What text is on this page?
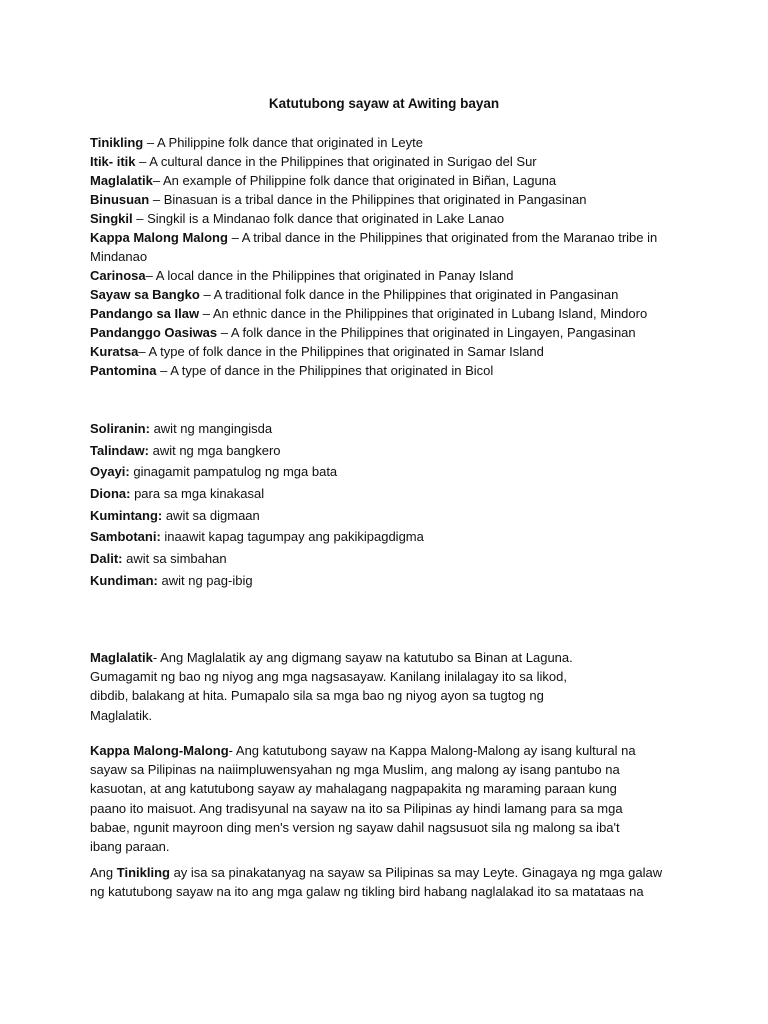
Katutubong sayaw at Awiting bayan
Tinikling – A Philippine folk dance that originated in Leyte
Itik- itik – A cultural dance in the Philippines that originated in Surigao del Sur
Maglalatik– An example of Philippine folk dance that originated in Biñan, Laguna
Binusuan – Binasuan is a tribal dance in the Philippines that originated in Pangasinan
Singkil – Singkil is a Mindanao folk dance that originated in Lake Lanao
Kappa Malong Malong – A tribal dance in the Philippines that originated from the Maranao tribe in Mindanao
Carinosa– A local dance in the Philippines that originated in Panay Island
Sayaw sa Bangko – A traditional folk dance in the Philippines that originated in Pangasinan
Pandango sa Ilaw – An ethnic dance in the Philippines that originated in Lubang Island, Mindoro
Pandanggo Oasiwas – A folk dance in the Philippines that originated in Lingayen, Pangasinan
Kuratsa– A type of folk dance in the Philippines that originated in Samar Island
Pantomina – A type of dance in the Philippines that originated in Bicol
Soliranin: awit ng mangingisda
Talindaw: awit ng mga bangkero
Oyayi: ginagamit pampatulog ng mga bata
Diona: para sa mga kinakasal
Kumintang: awit sa digmaan
Sambotani: inaawit kapag tagumpay ang pakikipagdigma
Dalit: awit sa simbahan
Kundiman: awit ng pag-ibig
Maglalatik- Ang Maglalatik ay ang digmang sayaw na katutubo sa Binan at Laguna.
Gumagamit ng bao ng niyog ang mga nagsasayaw. Kanilang inilalagay ito sa likod,
dibdib, balakang at hita. Pumapalo sila sa mga bao ng niyog ayon sa tugtog ng
Maglalatik.
Kappa Malong-Malong- Ang katutubong sayaw na Kappa Malong-Malong ay isang kultural na
sayaw sa Pilipinas na naiimpluwensyahan ng mga Muslim, ang malong ay isang pantubo na
kasuotan, at ang katutubong sayaw ay mahalagang nagpapakita ng maraming paraan kung
paano ito maisuot. Ang tradisyunal na sayaw na ito sa Pilipinas ay hindi lamang para sa mga
babae, ngunit mayroon ding men's version ng sayaw dahil nagsusuot sila ng malong sa iba't
ibang paraan.
Ang Tinikling ay isa sa pinakatanyag na sayaw sa Pilipinas sa may Leyte. Ginagaya ng mga galaw
ng katutubong sayaw na ito ang mga galaw ng tikling bird habang naglalakad ito sa matataas na
